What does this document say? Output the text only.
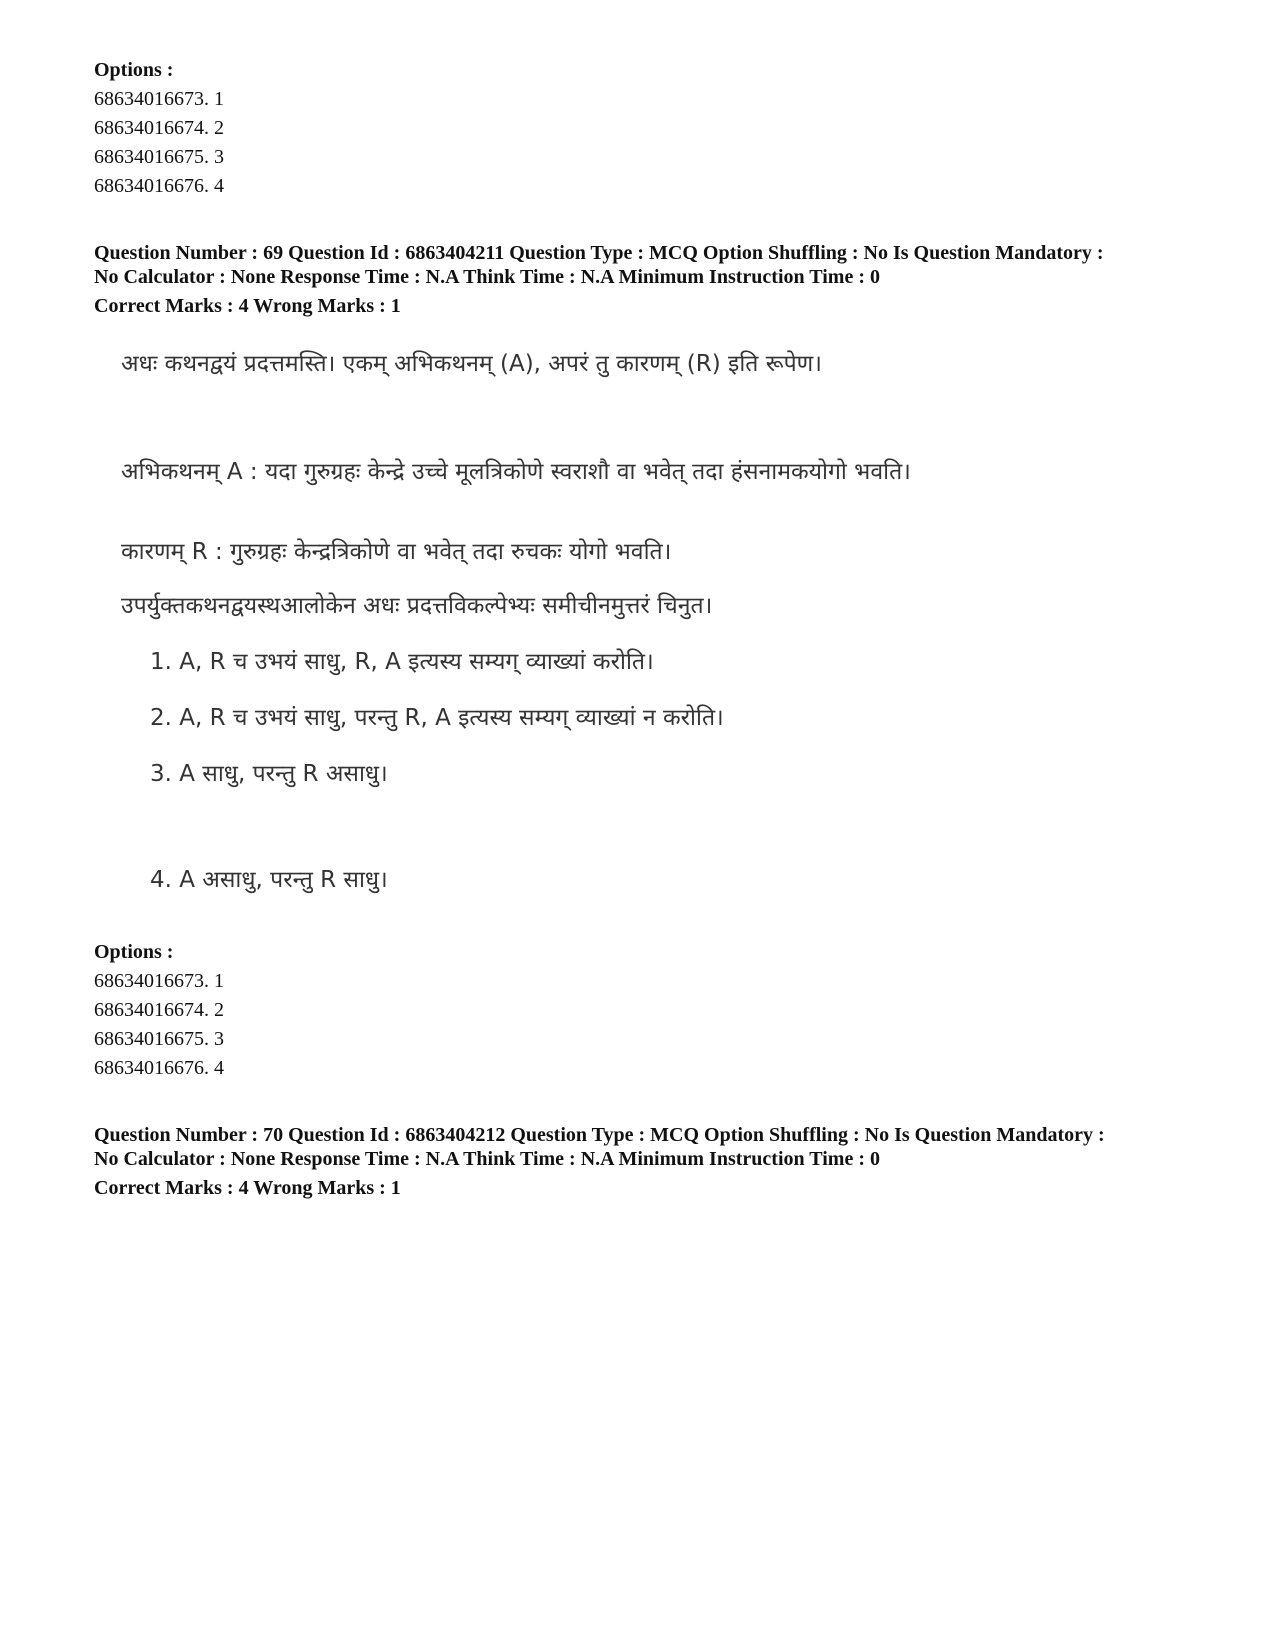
Options :
68634016673. 1
68634016674. 2
68634016675. 3
68634016676. 4
Question Number : 69 Question Id : 6863404211 Question Type : MCQ Option Shuffling : No Is Question Mandatory :
No Calculator : None Response Time : N.A Think Time : N.A Minimum Instruction Time : 0
Correct Marks : 4 Wrong Marks : 1
अधः कथनद्वयं प्रदत्तमस्ति। एकम् अभिकथनम् (A), अपरं तु कारणम् (R) इति रूपेण।
अभिकथनम् A : यदा गुरुग्रहः केन्द्रे उच्चे मूलत्रिकोणे स्वराशौ वा भवेत् तदा हंसनामकयोगो भवति।
कारणम् R : गुरुग्रहः केन्द्रत्रिकोणे वा भवेत् तदा रुचकः योगो भवति।
उपर्युक्तकथनद्वयस्थआलोकेन अधः प्रदत्तविकल्पेभ्यः समीचीनमुत्तरं चिनुत।
1. A, R च उभयं साधु, R, A इत्यस्य सम्यग् व्याख्यां करोति।
2. A, R च उभयं साधु, परन्तु R, A इत्यस्य सम्यग् व्याख्यां न करोति।
3. A साधु, परन्तु R असाधु।
4. A असाधु, परन्तु R साधु।
Options :
68634016673. 1
68634016674. 2
68634016675. 3
68634016676. 4
Question Number : 70 Question Id : 6863404212 Question Type : MCQ Option Shuffling : No Is Question Mandatory :
No Calculator : None Response Time : N.A Think Time : N.A Minimum Instruction Time : 0
Correct Marks : 4 Wrong Marks : 1
